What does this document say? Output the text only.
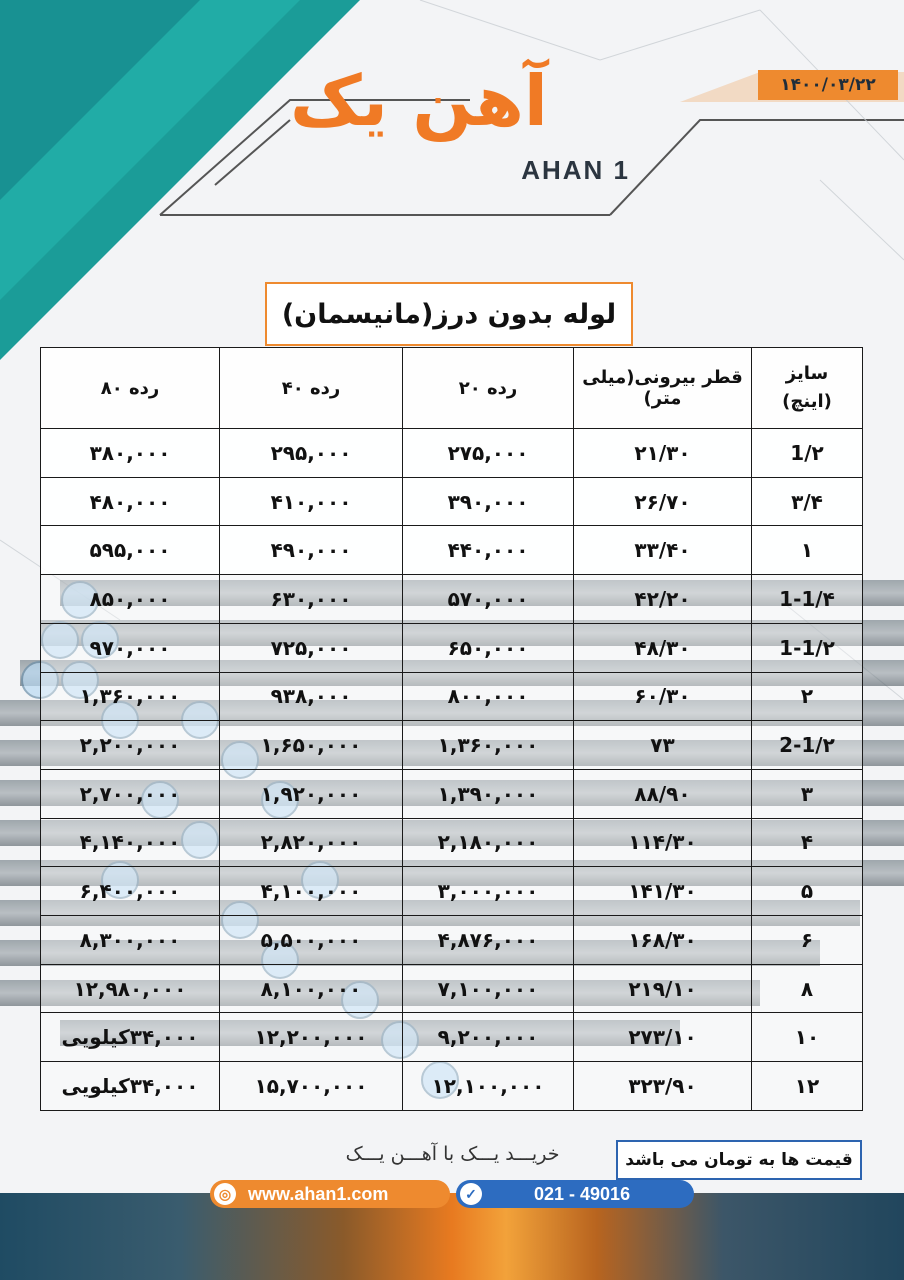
۱۴۰۰/۰۳/۲۲
آهن یک
AHAN 1
لوله بدون درز(مانیسمان)
سایز
(اینچ)	قطر بیرونی(میلی متر)	رده ۲۰	رده ۴۰	رده ۸۰
1/۲	۲۱/۳۰	۲۷۵,۰۰۰	۲۹۵,۰۰۰	۳۸۰,۰۰۰
۳/۴	۲۶/۷۰	۳۹۰,۰۰۰	۴۱۰,۰۰۰	۴۸۰,۰۰۰
۱	۳۳/۴۰	۴۴۰,۰۰۰	۴۹۰,۰۰۰	۵۹۵,۰۰۰
1-1/۴	۴۲/۲۰	۵۷۰,۰۰۰	۶۳۰,۰۰۰	۸۵۰,۰۰۰
1-1/۲	۴۸/۳۰	۶۵۰,۰۰۰	۷۲۵,۰۰۰	۹۷۰,۰۰۰
۲	۶۰/۳۰	۸۰۰,۰۰۰	۹۳۸,۰۰۰	۱,۳۶۰,۰۰۰
2-1/۲	۷۳	۱,۳۶۰,۰۰۰	۱,۶۵۰,۰۰۰	۲,۲۰۰,۰۰۰
۳	۸۸/۹۰	۱,۳۹۰,۰۰۰	۱,۹۲۰,۰۰۰	۲,۷۰۰,۰۰۰
۴	۱۱۴/۳۰	۲,۱۸۰,۰۰۰	۲,۸۲۰,۰۰۰	۴,۱۴۰,۰۰۰
۵	۱۴۱/۳۰	۳,۰۰۰,۰۰۰	۴,۱۰۰,۰۰۰	۶,۴۰۰,۰۰۰
۶	۱۶۸/۳۰	۴,۸۷۶,۰۰۰	۵,۵۰۰,۰۰۰	۸,۳۰۰,۰۰۰
۸	۲۱۹/۱۰	۷,۱۰۰,۰۰۰	۸,۱۰۰,۰۰۰	۱۲,۹۸۰,۰۰۰
۱۰	۲۷۳/۱۰	۹,۲۰۰,۰۰۰	۱۲,۲۰۰,۰۰۰	۳۴,۰۰۰کیلویی
۱۲	۳۲۳/۹۰	۱۲,۱۰۰,۰۰۰	۱۵,۷۰۰,۰۰۰	۳۴,۰۰۰کیلویی
خریـــد یـــک با آهـــن یـــک	قیمت ها به تومان می باشد
◎ www.ahan1.com	✓	021 - 49016
